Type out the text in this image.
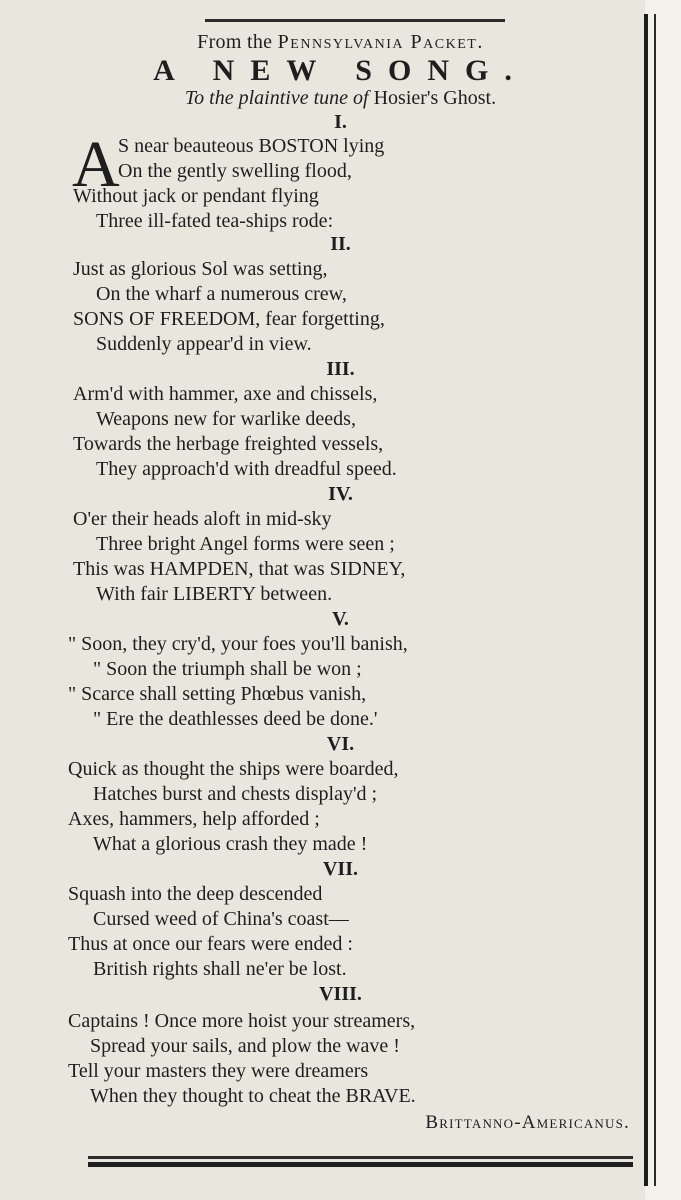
From the Pennsylvania Packet.
A NEW SONG.
To the plaintive tune of Hosier's Ghost.
I.
A
S near beauteous BOSTON lying
On the gently swelling flood,
Without jack or pendant flying
Three ill-fated tea-ships rode:
II.
Just as glorious Sol was setting,
On the wharf a numerous crew,
SONS OF FREEDOM, fear forgetting,
Suddenly appear'd in view.
III.
Arm'd with hammer, axe and chissels,
Weapons new for warlike deeds,
Towards the herbage freighted vessels,
They approach'd with dreadful speed.
IV.
O'er their heads aloft in mid-sky
Three bright Angel forms were seen ;
This was HAMPDEN, that was SIDNEY,
With fair LIBERTY between.
V.
" Soon, they cry'd, your foes you'll banish,
" Soon the triumph shall be won ;
" Scarce shall setting Phœbus vanish,
" Ere the deathlesses deed be done.'
VI.
Quick as thought the ships were boarded,
Hatches burst and chests display'd ;
Axes, hammers, help afforded ;
What a glorious crash they made !
VII.
Squash into the deep descended
Cursed weed of China's coast—
Thus at once our fears were ended :
British rights shall ne'er be lost.
VIII.
Captains ! Once more hoist your streamers,
Spread your sails, and plow the wave !
Tell your masters they were dreamers
When they thought to cheat the BRAVE.
Brittanno-Americanus.
